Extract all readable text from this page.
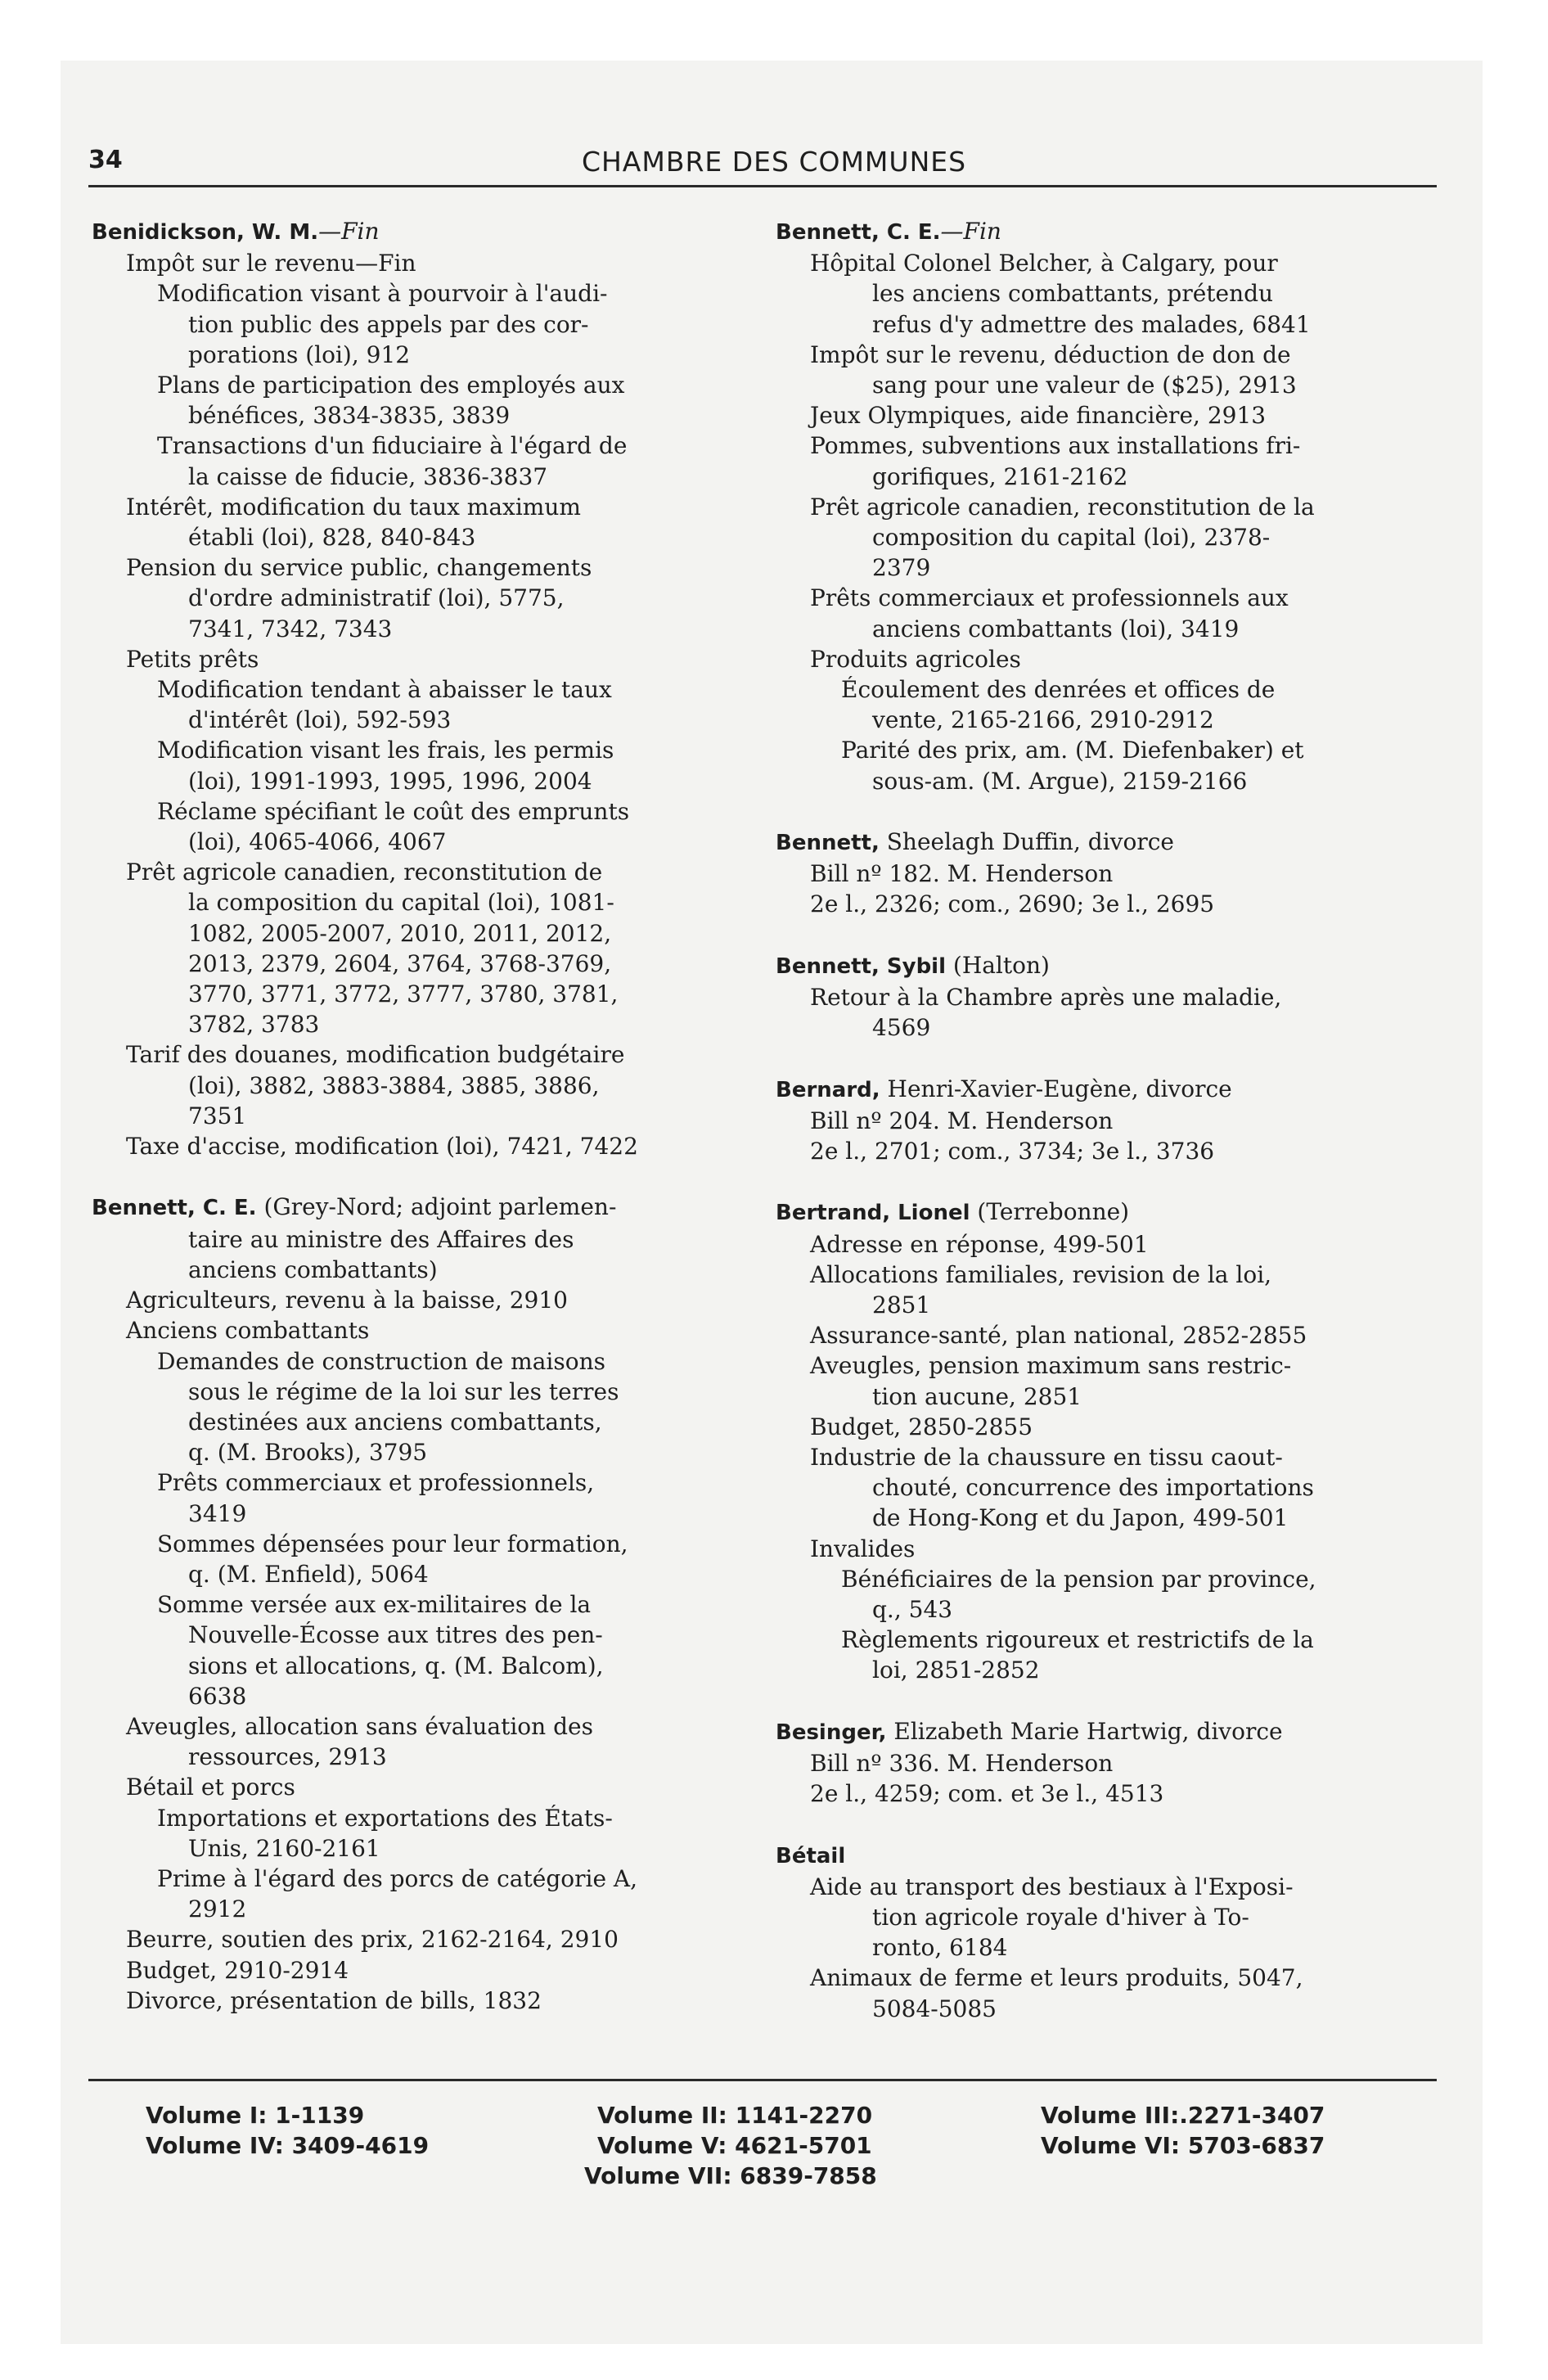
34	CHAMBRE DES COMMUNES
Benidickson, W. M.—Fin
Impôt sur le revenu—Fin
Modification visant à pourvoir à l'audi-
tion public des appels par des cor-
porations (loi), 912
Plans de participation des employés aux
bénéfices, 3834-3835, 3839
Transactions d'un fiduciaire à l'égard de
la caisse de fiducie, 3836-3837
Intérêt, modification du taux maximum
établi (loi), 828, 840-843
Pension du service public, changements
d'ordre administratif (loi), 5775,
7341, 7342, 7343
Petits prêts
Modification tendant à abaisser le taux
d'intérêt (loi), 592-593
Modification visant les frais, les permis
(loi), 1991-1993, 1995, 1996, 2004
Réclame spécifiant le coût des emprunts
(loi), 4065-4066, 4067
Prêt agricole canadien, reconstitution de
la composition du capital (loi), 1081-
1082, 2005-2007, 2010, 2011, 2012,
2013, 2379, 2604, 3764, 3768-3769,
3770, 3771, 3772, 3777, 3780, 3781,
3782, 3783
Tarif des douanes, modification budgétaire
(loi), 3882, 3883-3884, 3885, 3886,
7351
Taxe d'accise, modification (loi), 7421, 7422
Bennett, C. E. (Grey-Nord; adjoint parlemen-
taire au ministre des Affaires des
anciens combattants)
Agriculteurs, revenu à la baisse, 2910
Anciens combattants
Demandes de construction de maisons
sous le régime de la loi sur les terres
destinées aux anciens combattants,
q. (M. Brooks), 3795
Prêts commerciaux et professionnels,
3419
Sommes dépensées pour leur formation,
q. (M. Enfield), 5064
Somme versée aux ex-militaires de la
Nouvelle-Écosse aux titres des pen-
sions et allocations, q. (M. Balcom),
6638
Aveugles, allocation sans évaluation des
ressources, 2913
Bétail et porcs
Importations et exportations des États-
Unis, 2160-2161
Prime à l'égard des porcs de catégorie A,
2912
Beurre, soutien des prix, 2162-2164, 2910
Budget, 2910-2914
Divorce, présentation de bills, 1832
Bennett, C. E.—Fin
Hôpital Colonel Belcher, à Calgary, pour
les anciens combattants, prétendu
refus d'y admettre des malades, 6841
Impôt sur le revenu, déduction de don de
sang pour une valeur de ($25), 2913
Jeux Olympiques, aide financière, 2913
Pommes, subventions aux installations fri-
gorifiques, 2161-2162
Prêt agricole canadien, reconstitution de la
composition du capital (loi), 2378-
2379
Prêts commerciaux et professionnels aux
anciens combattants (loi), 3419
Produits agricoles
Écoulement des denrées et offices de
vente, 2165-2166, 2910-2912
Parité des prix, am. (M. Diefenbaker) et
sous-am. (M. Argue), 2159-2166
Bennett, Sheelagh Duffin, divorce
Bill nº 182. M. Henderson
2e l., 2326; com., 2690; 3e l., 2695
Bennett, Sybil (Halton)
Retour à la Chambre après une maladie,
4569
Bernard, Henri-Xavier-Eugène, divorce
Bill nº 204. M. Henderson
2e l., 2701; com., 3734; 3e l., 3736
Bertrand, Lionel (Terrebonne)
Adresse en réponse, 499-501
Allocations familiales, revision de la loi,
2851
Assurance-santé, plan national, 2852-2855
Aveugles, pension maximum sans restric-
tion aucune, 2851
Budget, 2850-2855
Industrie de la chaussure en tissu caout-
chouté, concurrence des importations
de Hong-Kong et du Japon, 499-501
Invalides
Bénéficiaires de la pension par province,
q., 543
Règlements rigoureux et restrictifs de la
loi, 2851-2852
Besinger, Elizabeth Marie Hartwig, divorce
Bill nº 336. M. Henderson
2e l., 4259; com. et 3e l., 4513
Bétail
Aide au transport des bestiaux à l'Exposi-
tion agricole royale d'hiver à To-
ronto, 6184
Animaux de ferme et leurs produits, 5047,
5084-5085
Volume I: 1-1139
Volume IV: 3409-4619
Volume II: 1141-2270
Volume V: 4621-5701
Volume VII: 6839-7858
Volume III:.2271-3407
Volume VI: 5703-6837
